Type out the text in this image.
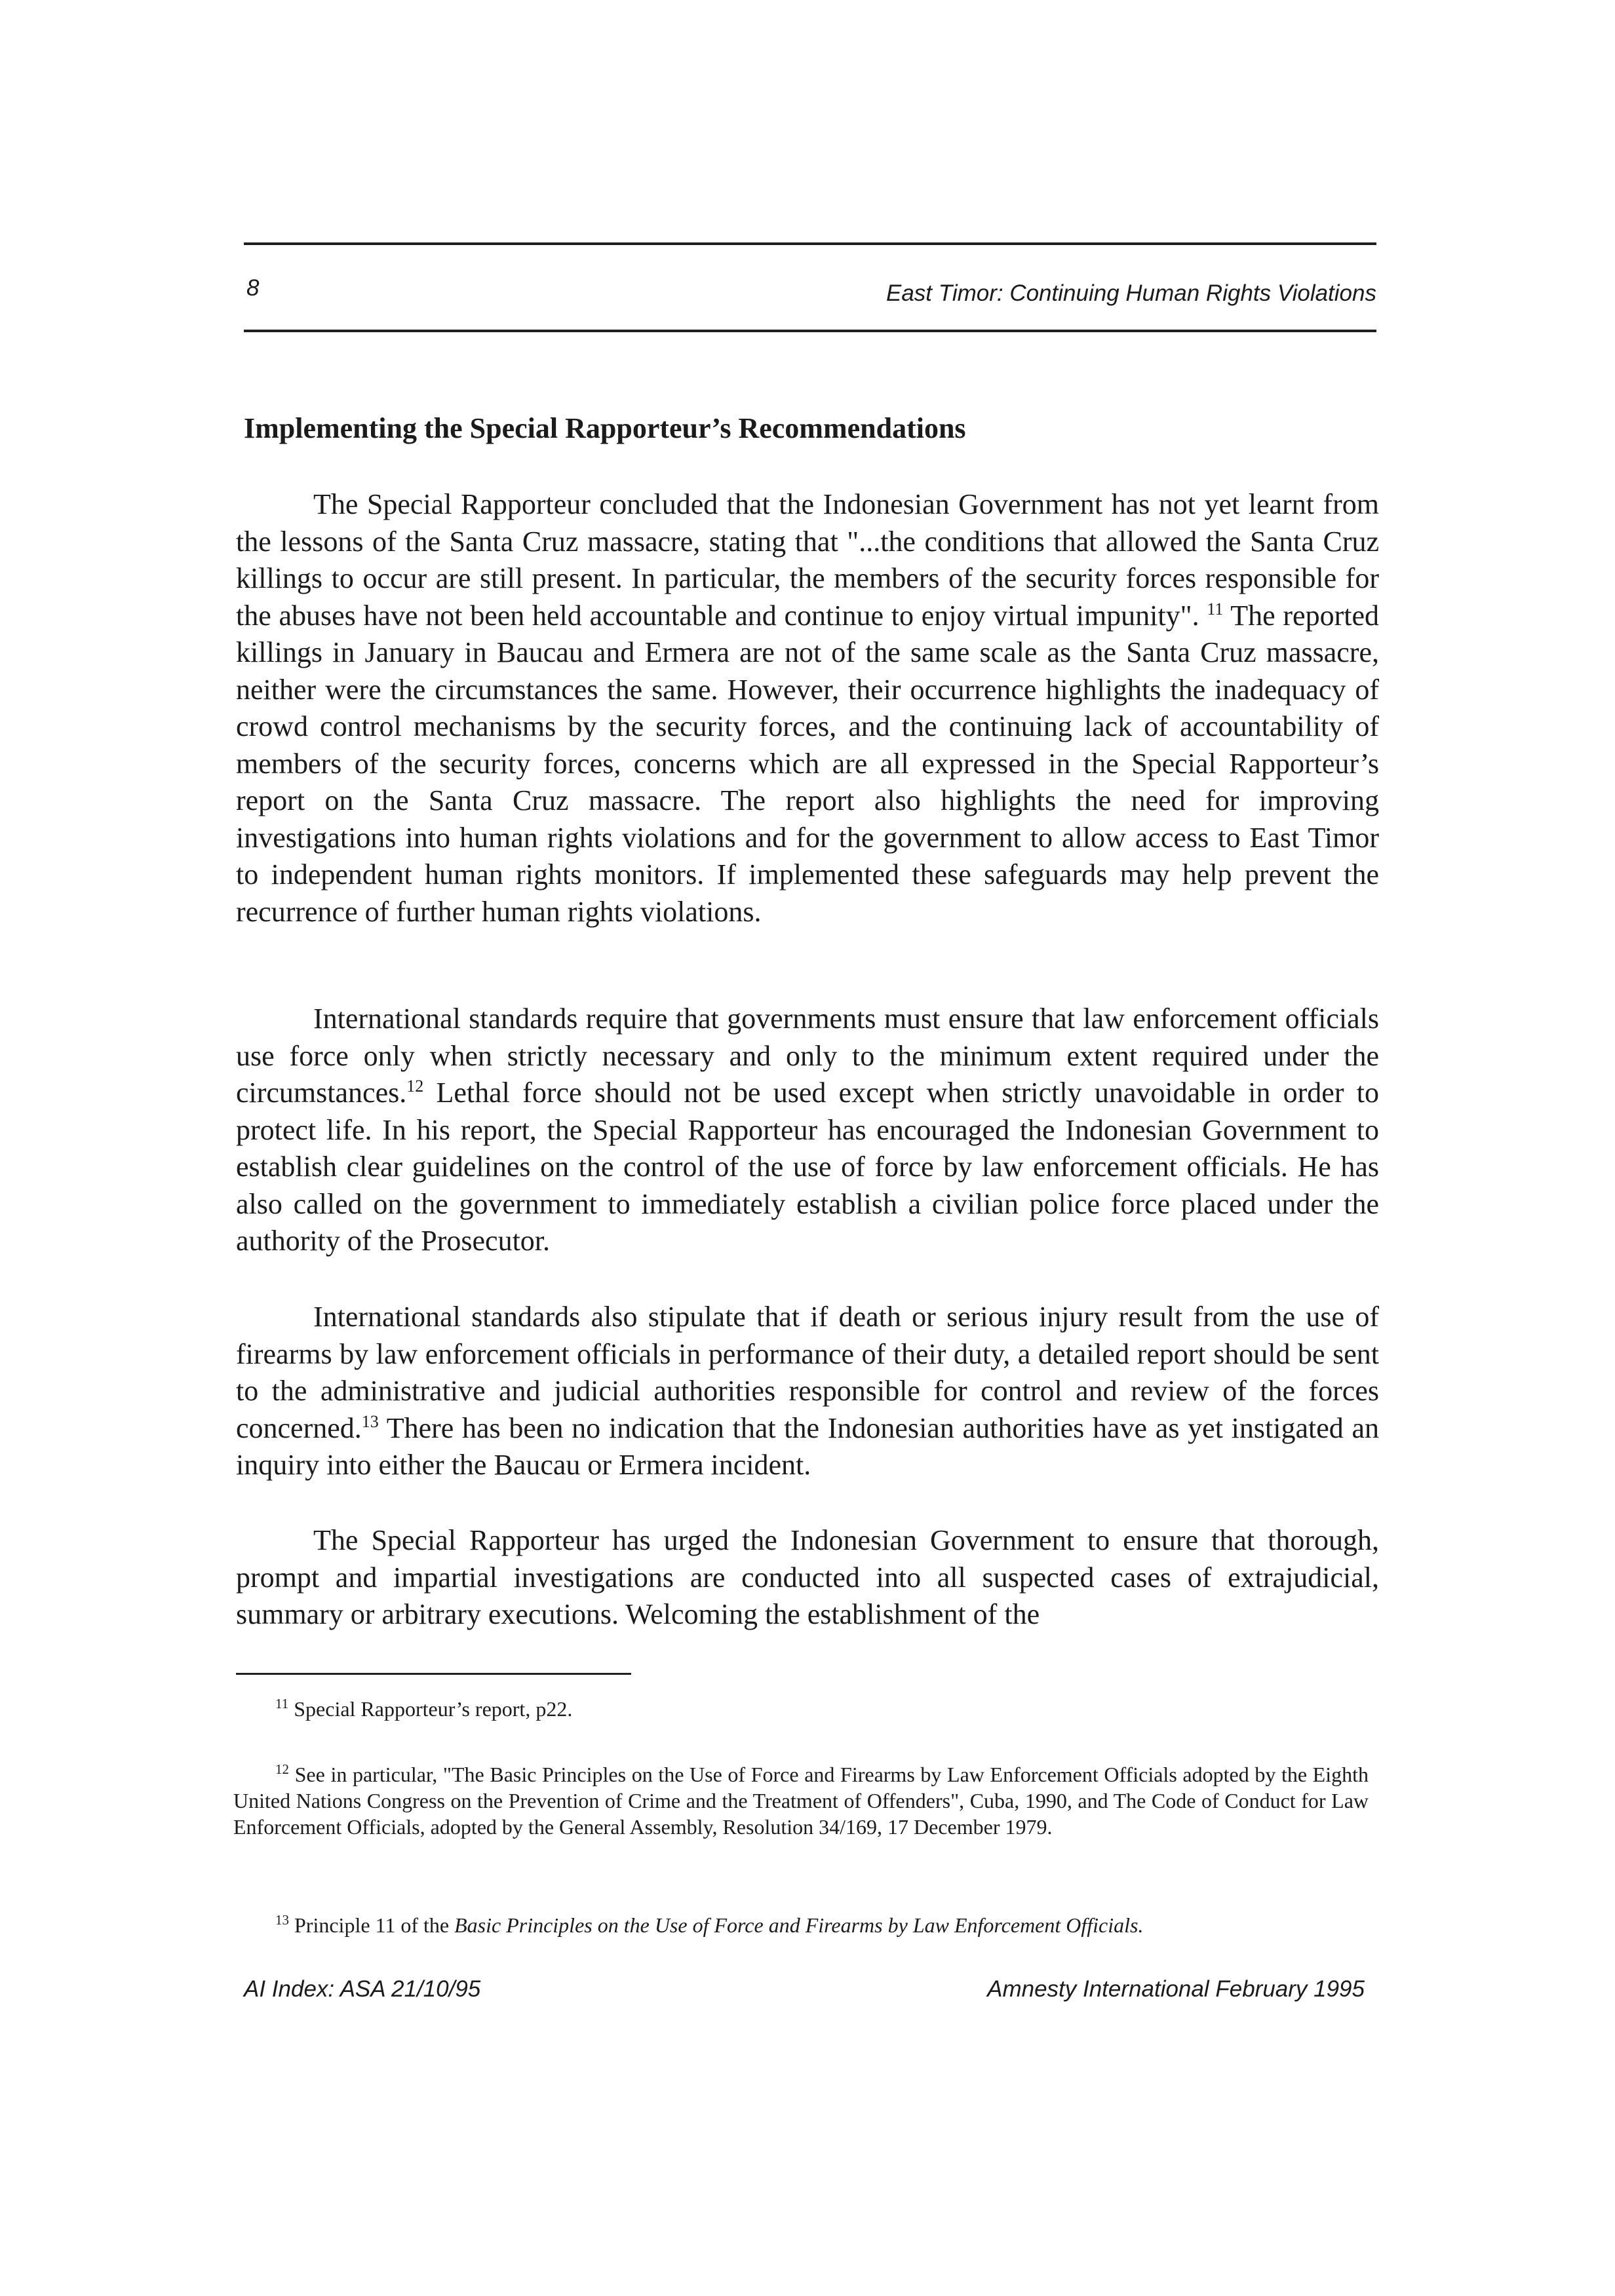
8	East Timor: Continuing Human Rights Violations
Implementing the Special Rapporteur’s Recommendations

The Special Rapporteur concluded that the Indonesian Government has not yet learnt from the lessons of the Santa Cruz massacre, stating that "...the conditions that allowed the Santa Cruz killings to occur are still present. In particular, the members of the security forces responsible for the abuses have not been held accountable and continue to enjoy virtual impunity". $^{11}$ The reported killings in January in Baucau and Ermera are not of the same scale as the Santa Cruz massacre, neither were the circumstances the same. However, their occurrence highlights the inadequacy of crowd control mechanisms by the security forces, and the continuing lack of accountability of members of the security forces, concerns which are all expressed in the Special Rapporteur’s report on the Santa Cruz massacre. The report also highlights the need for improving investigations into human rights violations and for the government to allow access to East Timor to independent human rights monitors. If implemented these safeguards may help prevent the recurrence of further human rights violations.

International standards require that governments must ensure that law enforcement officials use force only when strictly necessary and only to the minimum extent required under the circumstances.$^{12}$ Lethal force should not be used except when strictly unavoidable in order to protect life. In his report, the Special Rapporteur has encouraged the Indonesian Government to establish clear guidelines on the control of the use of force by law enforcement officials. He has also called on the government to immediately establish a civilian police force placed under the authority of the Prosecutor.

International standards also stipulate that if death or serious injury result from the use of firearms by law enforcement officials in performance of their duty, a detailed report should be sent to the administrative and judicial authorities responsible for control and review of the forces concerned.$^{13}$ There has been no indication that the Indonesian authorities have as yet instigated an inquiry into either the Baucau or Ermera incident.

The Special Rapporteur has urged the Indonesian Government to ensure that thorough, prompt and impartial investigations are conducted into all suspected cases of extrajudicial, summary or arbitrary executions. Welcoming the establishment of the

$^{11}$ Special Rapporteur’s report, p22.

$^{12}$ See in particular, "The Basic Principles on the Use of Force and Firearms by Law Enforcement Officials adopted by the Eighth United Nations Congress on the Prevention of Crime and the Treatment of Offenders", Cuba, 1990, and The Code of Conduct for Law Enforcement Officials, adopted by the General Assembly, Resolution 34/169, 17 December 1979.

$^{13}$ Principle 11 of the Basic Principles on the Use of Force and Firearms by Law Enforcement Officials.

AI Index: ASA 21/10/95	Amnesty International February 1995
